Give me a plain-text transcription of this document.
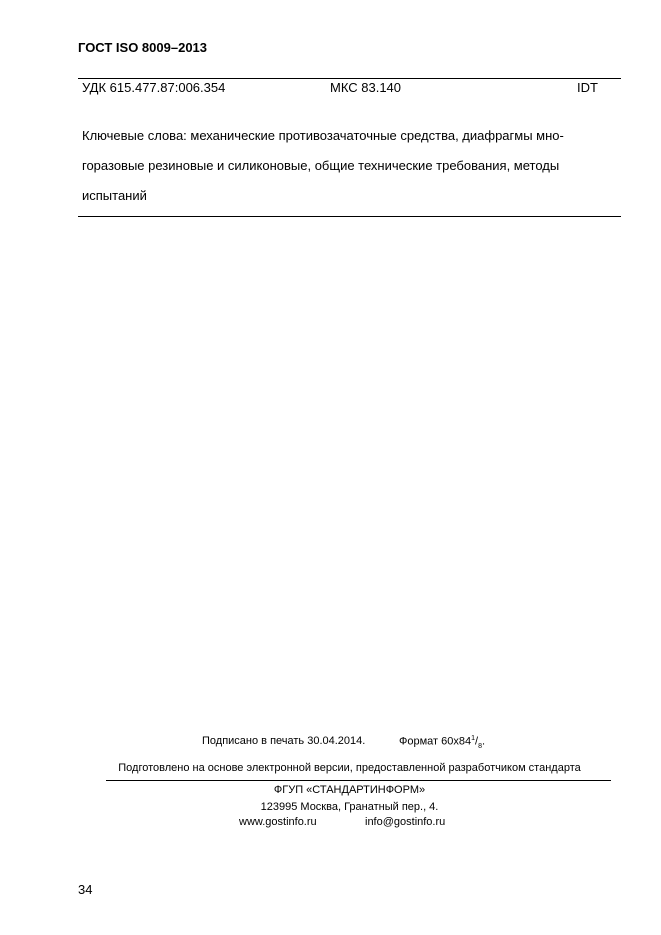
ГОСТ ISO 8009–2013
УДК 615.477.87:006.354	МКС 83.140	IDT
Ключевые слова: механические противозачаточные средства, диафрагмы мно-
горазовые резиновые и силиконовые, общие технические требования, методы
испытаний
Подписано в печать 30.04.2014.	Формат $60х84^1/_8$.
Подготовлено на основе электронной версии, предоставленной разработчиком стандарта
ФГУП «СТАНДАРТИНФОРМ»
123995 Москва, Гранатный пер., 4.
www.gostinfo.ru	info@gostinfo.ru
34
